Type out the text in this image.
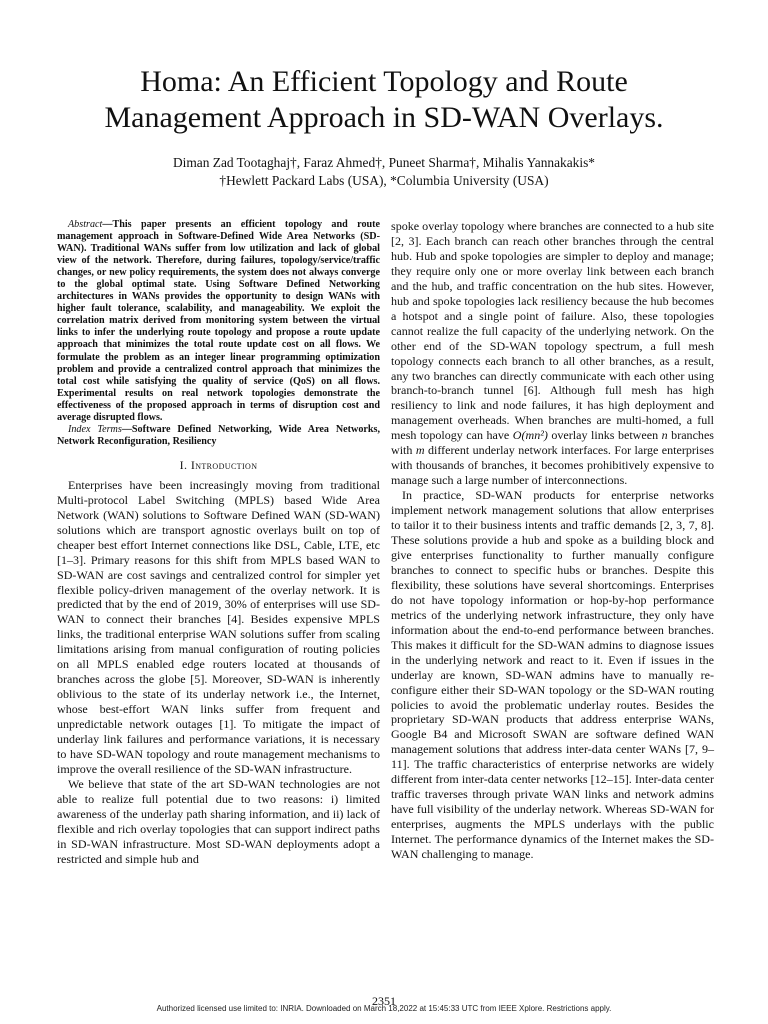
Homa: An Efficient Topology and Route
Management Approach in SD-WAN Overlays.
Diman Zad Tootaghaj†, Faraz Ahmed†, Puneet Sharma†, Mihalis Yannakakis*
†Hewlett Packard Labs (USA), *Columbia University (USA)

Abstract—This paper presents an efficient topology and route management approach in Software-Defined Wide Area Networks (SD-WAN). Traditional WANs suffer from low utilization and lack of global view of the network. Therefore, during failures, topology/service/traffic changes, or new policy requirements, the system does not always converge to the global optimal state. Using Software Defined Networking architectures in WANs provides the opportunity to design WANs with higher fault tolerance, scalability, and manageability. We exploit the correlation matrix derived from monitoring system between the virtual links to infer the underlying route topology and propose a route update approach that minimizes the total route update cost on all flows. We formulate the problem as an integer linear programming optimization problem and provide a centralized control approach that minimizes the total cost while satisfying the quality of service (QoS) on all flows. Experimental results on real network topologies demonstrate the effectiveness of the proposed approach in terms of disruption cost and average disrupted flows.

Index Terms—Software Defined Networking, Wide Area Networks, Network Reconfiguration, Resiliency

I. Introduction

Enterprises have been increasingly moving from traditional Multi-protocol Label Switching (MPLS) based Wide Area Network (WAN) solutions to Software Defined WAN (SD-WAN) solutions which are transport agnostic overlays built on top of cheaper best effort Internet connections like DSL, Cable, LTE, etc [1–3]. Primary reasons for this shift from MPLS based WAN to SD-WAN are cost savings and centralized control for simpler yet flexible policy-driven management of the overlay network. It is predicted that by the end of 2019, 30% of enterprises will use SD-WAN to connect their branches [4]. Besides expensive MPLS links, the traditional enterprise WAN solutions suffer from scaling limitations arising from manual configuration of routing policies on all MPLS enabled edge routers located at thousands of branches across the globe [5]. Moreover, SD-WAN is inherently oblivious to the state of its underlay network i.e., the Internet, whose best-effort WAN links suffer from frequent and unpredictable network outages [1]. To mitigate the impact of underlay link failures and performance variations, it is necessary to have SD-WAN topology and route management mechanisms to improve the overall resilience of the SD-WAN infrastructure.

We believe that state of the art SD-WAN technologies are not able to realize full potential due to two reasons: i) limited awareness of the underlay path sharing information, and ii) lack of flexible and rich overlay topologies that can support indirect paths in SD-WAN infrastructure. Most SD-WAN deployments adopt a restricted and simple hub and

spoke overlay topology where branches are connected to a hub site [2, 3]. Each branch can reach other branches through the central hub. Hub and spoke topologies are simpler to deploy and manage; they require only one or more overlay link between each branch and the hub, and traffic concentration on the hub sites. However, hub and spoke topologies lack resiliency because the hub becomes a hotspot and a single point of failure. Also, these topologies cannot realize the full capacity of the underlying network. On the other end of the SD-WAN topology spectrum, a full mesh topology connects each branch to all other branches, as a result, any two branches can directly communicate with each other using branch-to-branch tunnel [6]. Although full mesh has high resiliency to link and node failures, it has high deployment and management overheads. When branches are multi-homed, a full mesh topology can have O(mn²) overlay links between n branches with m different underlay network interfaces. For large enterprises with thousands of branches, it becomes prohibitively expensive to manage such a large number of interconnections.

In practice, SD-WAN products for enterprise networks implement network management solutions that allow enterprises to tailor it to their business intents and traffic demands [2, 3, 7, 8]. These solutions provide a hub and spoke as a building block and give enterprises functionality to further manually configure branches to connect to specific hubs or branches. Despite this flexibility, these solutions have several shortcomings. Enterprises do not have topology information or hop-by-hop performance metrics of the underlying network infrastructure, they only have information about the end-to-end performance between branches. This makes it difficult for the SD-WAN admins to diagnose issues in the underlying network and react to it. Even if issues in the underlay are known, SD-WAN admins have to manually re-configure either their SD-WAN topology or the SD-WAN routing policies to avoid the problematic underlay routes. Besides the proprietary SD-WAN products that address enterprise WANs, Google B4 and Microsoft SWAN are software defined WAN management solutions that address inter-data center WANs [7, 9–11]. The traffic characteristics of enterprise networks are widely different from inter-data center networks [12–15]. Inter-data center traffic traverses through private WAN links and network admins have full visibility of the underlay network. Whereas SD-WAN for enterprises, augments the MPLS underlays with the public Internet. The performance dynamics of the Internet makes the SD-WAN challenging to manage.

2351
Authorized licensed use limited to: INRIA. Downloaded on March 18,2022 at 15:45:33 UTC from IEEE Xplore. Restrictions apply.
